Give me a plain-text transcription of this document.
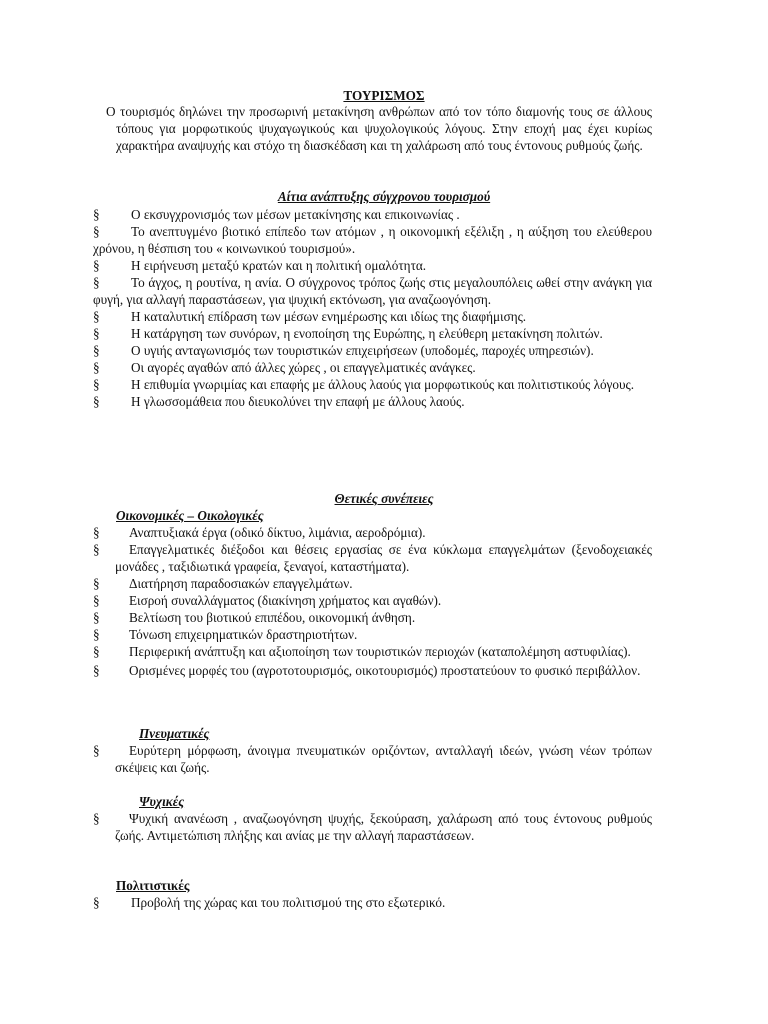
ΤΟΥΡΙΣΜΟΣ
Ο τουρισμός δηλώνει την προσωρινή μετακίνηση ανθρώπων από τον τόπο διαμονής τους σε άλλους τόπους για μορφωτικούς ψυχαγωγικούς και ψυχολογικούς λόγους. Στην εποχή μας έχει κυρίως χαρακτήρα αναψυχής και στόχο τη διασκέδαση και τη χαλάρωση από τους έντονους ρυθμούς ζωής.
Αίτια ανάπτυξης σύγχρονου τουρισμού
§ Ο εκσυγχρονισμός των μέσων μετακίνησης και επικοινωνίας .
§ Το ανεπτυγμένο βιοτικό επίπεδο των ατόμων , η οικονομική εξέλιξη , η αύξηση του ελεύθερου χρόνου, η θέσπιση του « κοινωνικού τουρισμού».
§ Η ειρήνευση μεταξύ κρατών και η πολιτική ομαλότητα.
§ Το άγχος, η ρουτίνα, η ανία. Ο σύγχρονος τρόπος ζωής στις μεγαλουπόλεις ωθεί στην ανάγκη για φυγή, για αλλαγή παραστάσεων, για ψυχική εκτόνωση, για αναζωογόνηση.
§ Η καταλυτική επίδραση των μέσων ενημέρωσης και ιδίως της διαφήμισης.
§ Η κατάργηση των συνόρων, η ενοποίηση της Ευρώπης, η ελεύθερη μετακίνηση πολιτών.
§ Ο υγιής ανταγωνισμός των τουριστικών επιχειρήσεων (υποδομές, παροχές υπηρεσιών).
§ Οι αγορές αγαθών από άλλες χώρες , οι επαγγελματικές ανάγκες.
§ Η επιθυμία γνωριμίας και επαφής με άλλους λαούς για μορφωτικούς και πολιτιστικούς λόγους.
§ Η γλωσσομάθεια που διευκολύνει την επαφή με άλλους λαούς.
Θετικές συνέπειες
Οικονομικές – Οικολογικές
§	Αναπτυξιακά έργα (οδικό δίκτυο, λιμάνια, αεροδρόμια).
§	Επαγγελματικές διέξοδοι και θέσεις εργασίας σε ένα κύκλωμα επαγγελμάτων (ξενοδοχειακές μονάδες , ταξιδιωτικά γραφεία, ξεναγοί, καταστήματα).
§	Διατήρηση παραδοσιακών επαγγελμάτων.
§	Εισροή συναλλάγματος (διακίνηση χρήματος και αγαθών).
§	Βελτίωση του βιοτικού επιπέδου, οικονομική άνθηση.
§	Τόνωση επιχειρηματικών δραστηριοτήτων.
§	Περιφερική ανάπτυξη και αξιοποίηση των τουριστικών περιοχών (καταπολέμηση αστυφιλίας).
§	Ορισμένες μορφές του (αγροτοτουρισμός, οικοτουρισμός) προστατεύουν το φυσικό περιβάλλον.
Πνευματικές
§	Ευρύτερη μόρφωση, άνοιγμα πνευματικών οριζόντων, ανταλλαγή ιδεών, γνώση νέων τρόπων σκέψεις και ζωής.
Ψυχικές
§	Ψυχική ανανέωση , αναζωογόνηση ψυχής, ξεκούραση, χαλάρωση από τους έντονους ρυθμούς ζωής. Αντιμετώπιση πλήξης και ανίας με την αλλαγή παραστάσεων.
Πολιτιστικές
§	Προβολή της χώρας και του πολιτισμού της στο εξωτερικό.
